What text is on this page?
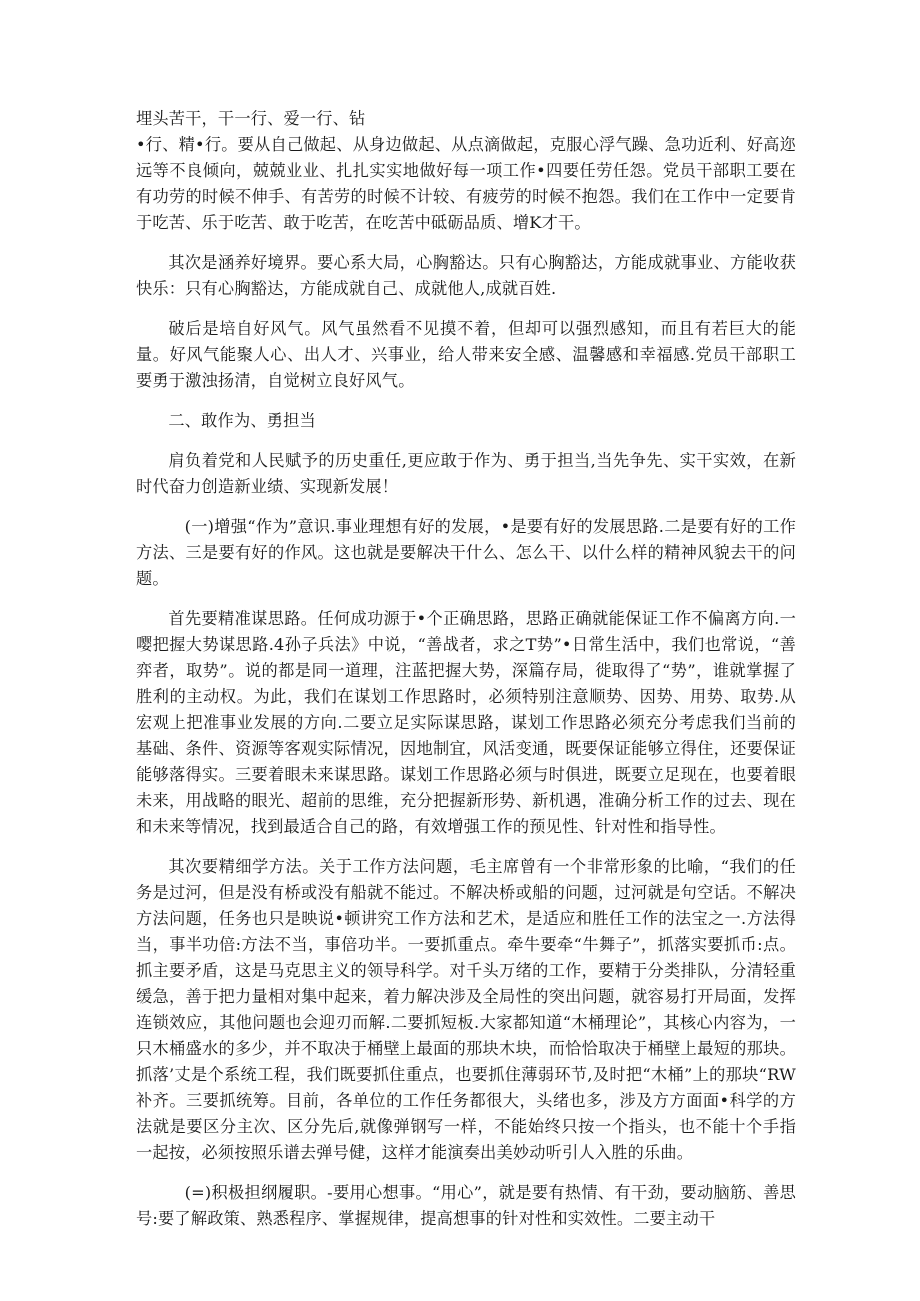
埋头苦干，干一行、爱一行、钻
•行、精•行。要从自己做起、从身边做起、从点滴做起，克服心浮气躁、急功近利、好高迩远等不良倾向，兢兢业业、扎扎实实地做好每一项工作•四要任劳任怨。党员干部职工要在有功劳的时候不伸手、有苦劳的时候不计较、有疲劳的时候不抱怨。我们在工作中一定要肯于吃苦、乐于吃苦、敢于吃苦，在吃苦中砥砺品质、增K才干。

其次是涵养好境界。要心系大局，心胸豁达。只有心胸豁达，方能成就事业、方能收获快乐：只有心胸豁达，方能成就自己、成就他人,成就百姓.

破后是培自好风气。风气虽然看不见摸不着，但却可以强烈感知，而且有若巨大的能量。好风气能聚人心、出人才、兴事业，给人带来安全感、温馨感和幸福感.党员干部职工要勇于激浊扬清，自觉树立良好风气。

二、敢作为、勇担当

肩负着党和人民赋予的历史重任,更应敢于作为、勇于担当,当先争先、实干实效，在新时代奋力创造新业绩、实现新发展！

(一)增强“作为”意识.事业理想有好的发展，•是要有好的发展思路.二是要有好的工作方法、三是要有好的作风。这也就是要解决干什么、怎么干、以什么样的精神风貌去干的问题。

首先要精准谋思路。任何成功源于•个正确思路，思路正确就能保证工作不偏离方向.一嘤把握大势谋思路.4孙子兵法》中说，“善战者，求之T势”•日常生活中，我们也常说，“善弈者，取势”。说的都是同一道理，注蓝把握大势，深篇存局，徙取得了“势”，谁就掌握了胜利的主动权。为此，我们在谋划工作思路时，必须特别注意顺势、因势、用势、取势.从宏观上把准事业发展的方向.二要立足实际谋思路，谋划工作思路必须充分考虑我们当前的基础、条件、资源等客观实际情况，因地制宜，风活变通，既要保证能够立得住，还要保证能够落得实。三要着眼未来谋思路。谋划工作思路必须与时俱进，既要立足现在，也要着眼未来，用战略的眼光、超前的思维，充分把握新形势、新机遇，准确分析工作的过去、现在和未来等情况，找到最适合自己的路，有效增强工作的预见性、针对性和指导性。

其次要精细学方法。关于工作方法问题，毛主席曾有一个非常形象的比喻，“我们的任务是过河，但是没有桥或没有船就不能过。不解决桥或船的问题，过河就是句空话。不解决方法问题，任务也只是映说•顿讲究工作方法和艺术，是适应和胜任工作的法宝之一.方法得当，事半功倍:方法不当，事倍功半。一要抓重点。牵牛要牵“牛舞子”，抓落实要抓币:点。抓主要矛盾，这是马克思主义的领导科学。对千头万绪的工作，要精于分类排队，分清轻重缓急，善于把力量相对集中起来，着力解决涉及全局性的突出问题，就容易打开局面，发挥连锁效应，其他问题也会迎刃而解.二要抓短板.大家都知道“木桶理论”，其核心内容为，一只木桶盛水的多少，并不取决于桶壁上最面的那块木块，而恰恰取决于桶壁上最短的那块。抓落’丈是个系统工程，我们既要抓住重点，也要抓住薄弱环节,及时把“木桶”上的那块“RW补齐。三要抓统筹。目前，各单位的工作任务都很大，头绪也多，涉及方方面面•科学的方法就是要区分主次、区分先后,就像弹钢写一样，不能始终只按一个指头，也不能十个手指一起按，必须按照乐谱去弹号健，这样才能演奏出美妙动听引人入胜的乐曲。

(=)积极担纲履职。-要用心想事。“用心”，就是要有热情、有干劲，要动脑筋、善思号:要了解政策、熟悉程序、掌握规律，提高想事的针对性和实效性。二要主动干
